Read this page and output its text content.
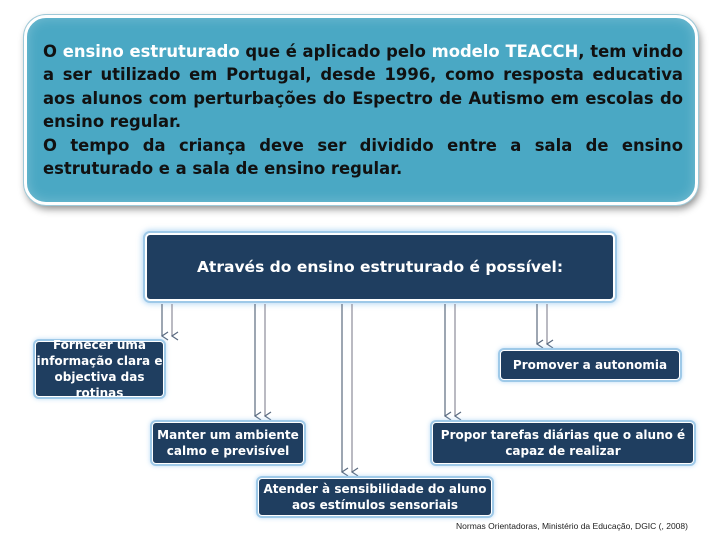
O ensino estruturado que é aplicado pelo modelo TEACCH, tem vindo a ser utilizado em Portugal, desde 1996, como resposta educativa aos alunos com perturbações do Espectro de Autismo em escolas do ensino regular.

O tempo da criança deve ser dividido entre a sala de ensino estruturado e a sala de ensino regular.

Através do ensino estruturado é possível:
Fornecer uma
informação clara e
objectiva das rotinas
Manter um ambiente
calmo e previsível
Atender à sensibilidade do aluno
aos estímulos sensoriais
Propor tarefas diárias que o aluno é
capaz de realizar
Promover a autonomia
Normas Orientadoras, Ministério da Educação, DGIC (, 2008)
